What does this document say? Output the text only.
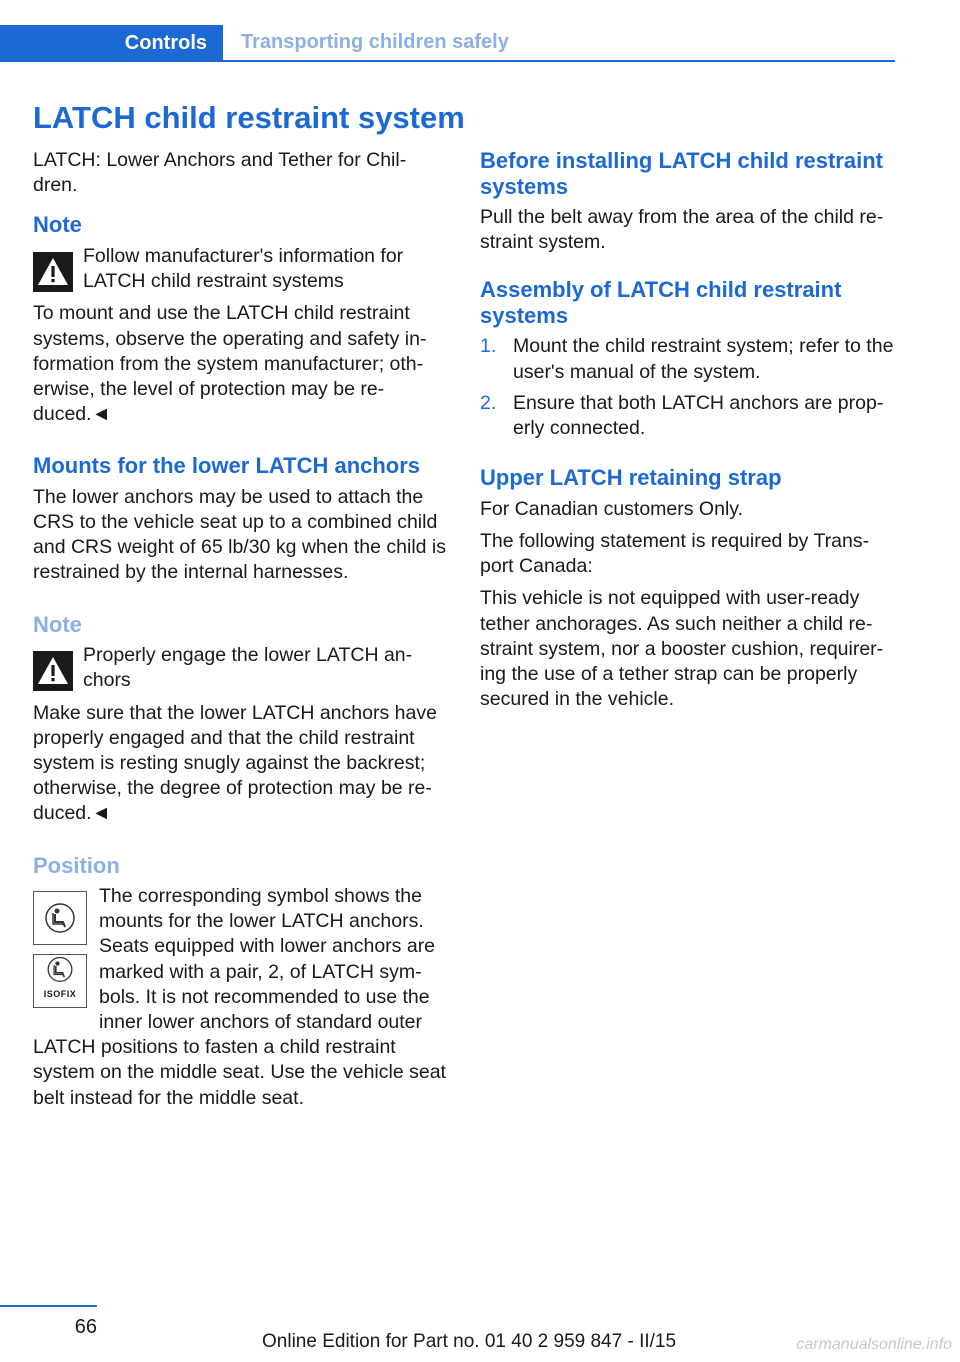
Controls	Transporting children safely
LATCH child restraint system

LATCH: Lower Anchors and Tether for Chil-dren.

Note
Follow manufacturer's information for LATCH child restraint systems

To mount and use the LATCH child restraint systems, observe the operating and safety in-formation from the system manufacturer; oth-erwise, the level of protection may be re-duced.◄

Mounts for the lower LATCH anchors

The lower anchors may be used to attach the CRS to the vehicle seat up to a combined child and CRS weight of 65 lb/30 kg when the child is restrained by the internal harnesses.

Note
Properly engage the lower LATCH an-chors

Make sure that the lower LATCH anchors have properly engaged and that the child restraint system is resting snugly against the backrest; otherwise, the degree of protection may be re-duced.◄

Position
ISOFIX
The corresponding symbol shows the mounts for the lower LATCH anchors. Seats equipped with lower anchors are marked with a pair, 2, of LATCH sym-bols. It is not recommended to use the inner lower anchors of standard outer

LATCH positions to fasten a child restraint system on the middle seat. Use the vehicle seat belt instead for the middle seat.

Before installing LATCH child restraint systems

Pull the belt away from the area of the child re-straint system.

Assembly of LATCH child restraint systems
1. Mount the child restraint system; refer to the user's manual of the system.
2. Ensure that both LATCH anchors are prop-erly connected.
Upper LATCH retaining strap

For Canadian customers Only.

The following statement is required by Trans-port Canada:

This vehicle is not equipped with user-ready tether anchorages. As such neither a child re-straint system, nor a booster cushion, requirer-ing the use of a tether strap can be properly secured in the vehicle.

66
Online Edition for Part no. 01 40 2 959 847 - II/15	carmanualsonline.info
